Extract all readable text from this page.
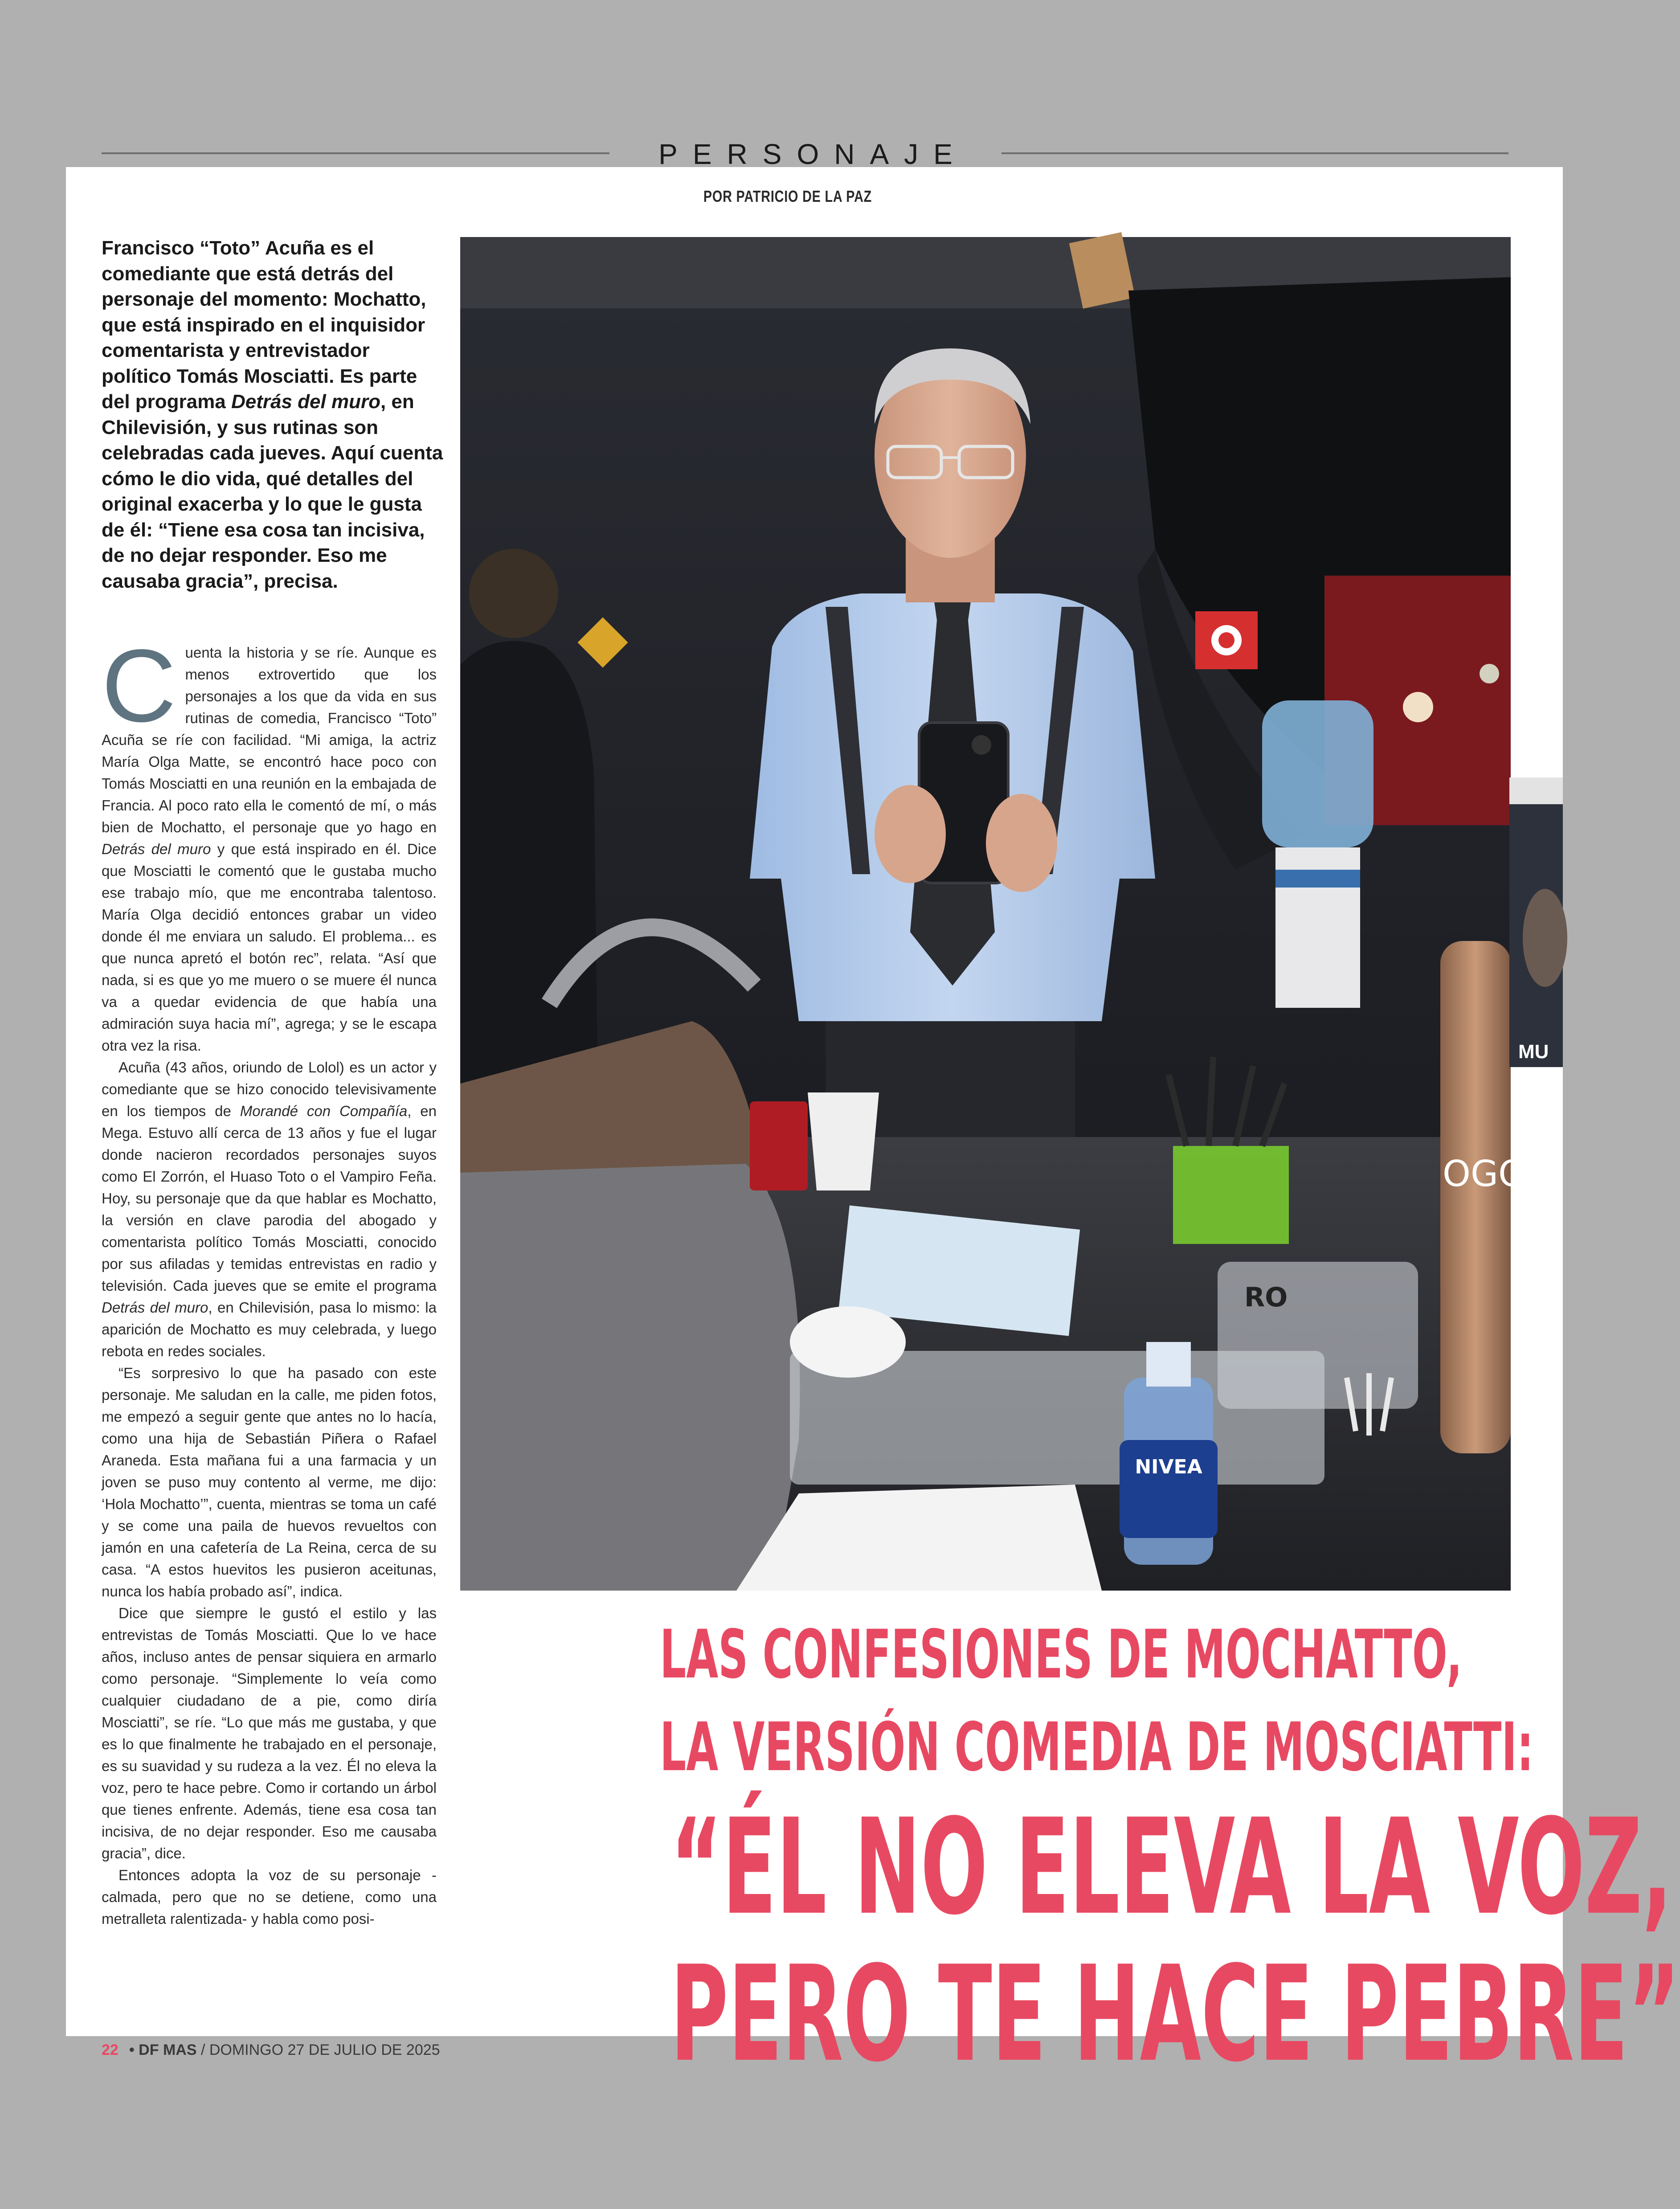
PERSONAJE
POR PATRICIO DE LA PAZ
Francisco “Toto” Acuña es el comediante que está detrás del personaje del momento: Mochatto, que está inspirado en el inquisidor comentarista y entrevistador político Tomás Mosciatti. Es parte del programa Detrás del muro, en Chilevisión, y sus rutinas son celebradas cada jueves. Aquí cuenta cómo le dio vida, qué detalles del original exacerba y lo que le gusta de él: “Tiene esa cosa tan incisiva, de no dejar responder. Eso me causaba gracia”, precisa.

Cuenta la historia y se ríe. Aunque es menos extrovertido que los personajes a los que da vida en sus rutinas de comedia, Francisco “Toto” Acuña se ríe con facilidad. “Mi amiga, la actriz María Olga Matte, se encontró hace poco con Tomás Mosciatti en una reunión en la embajada de Francia. Al poco rato ella le comentó de mí, o más bien de Mochatto, el personaje que yo hago en Detrás del muro y que está inspirado en él. Dice que Mosciatti le comentó que le gustaba mucho ese trabajo mío, que me encontraba talentoso. María Olga decidió entonces grabar un video donde él me enviara un saludo. El problema... es que nunca apretó el botón rec”, relata. “Así que nada, si es que yo me muero o se muere él nunca va a quedar evidencia de que había una admiración suya hacia mí”, agrega; y se le escapa otra vez la risa.

Acuña (43 años, oriundo de Lolol) es un actor y comediante que se hizo conocido televisivamente en los tiempos de Morandé con Compañía, en Mega. Estuvo allí cerca de 13 años y fue el lugar donde nacieron recordados personajes suyos como El Zorrón, el Huaso Toto o el Vampiro Feña. Hoy, su personaje que da que hablar es Mochatto, la versión en clave parodia del abogado y comentarista político Tomás Mosciatti, conocido por sus afiladas y temidas entrevistas en radio y televisión. Cada jueves que se emite el programa Detrás del muro, en Chilevisión, pasa lo mismo: la aparición de Mochatto es muy celebrada, y luego rebota en redes sociales.

“Es sorpresivo lo que ha pasado con este personaje. Me saludan en la calle, me piden fotos, me empezó a seguir gente que antes no lo hacía, como una hija de Sebastián Piñera o Rafael Araneda. Esta mañana fui a una farmacia y un joven se puso muy contento al verme, me dijo: ‘Hola Mochatto’”, cuenta, mientras se toma un café y se come una paila de huevos revueltos con jamón en una cafetería de La Reina, cerca de su casa. “A estos huevitos les pusieron aceitunas, nunca los había probado así”, indica.

Dice que siempre le gustó el estilo y las entrevistas de Tomás Mosciatti. Que lo ve hace años, incluso antes de pensar siquiera en armarlo como personaje. “Simplemente lo veía como cualquier ciudadano de a pie, como diría Mosciatti”, se ríe. “Lo que más me gustaba, y que es lo que finalmente he trabajado en el personaje, es su suavidad y su rudeza a la vez. Él no eleva la voz, pero te hace pebre. Como ir cortando un árbol que tienes enfrente. Además, tiene esa cosa tan incisiva, de no dejar responder. Eso me causaba gracia”, dice.

Entonces adopta la voz de su personaje -calmada, pero que no se detiene, como una metralleta ralentizada- y habla como posi-

OGO
RO
NIVEA
MU
LAS CONFESIONES DE MOCHATTO,
LA VERSIÓN COMEDIA DE MOSCIATTI:
“ÉL NO ELEVA LA VOZ,
PERO TE HACE PEBRE”
22 • DF MAS / DOMINGO 27 DE JULIO DE 2025
